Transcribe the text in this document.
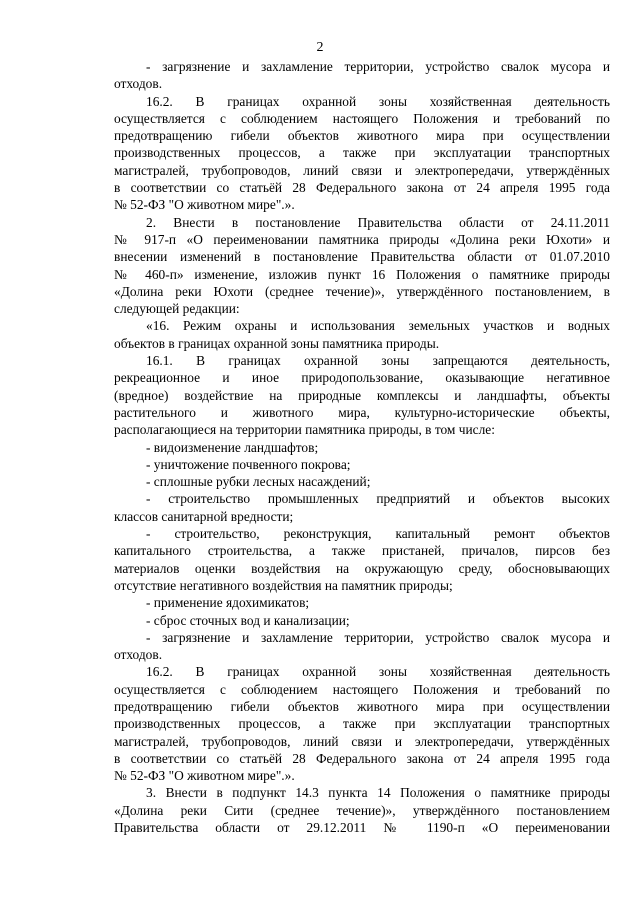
2
- загрязнение и захламление территории, устройство свалок мусора и
отходов.
16.2. В границах охранной зоны хозяйственная деятельность
осуществляется с соблюдением настоящего Положения и требований по
предотвращению гибели объектов животного мира при осуществлении
производственных процессов, а также при эксплуатации транспортных
магистралей, трубопроводов, линий связи и электропередачи, утверждённых
в соответствии со статьёй 28 Федерального закона от 24 апреля 1995 года
№ 52-ФЗ "О животном мире".».
2. Внести в постановление Правительства области от 24.11.2011
№ 917-п «О переименовании памятника природы «Долина реки Юхоти» и
внесении изменений в постановление Правительства области от 01.07.2010
№ 460-п» изменение, изложив пункт 16 Положения о памятнике природы
«Долина реки Юхоти (среднее течение)», утверждённого постановлением, в
следующей редакции:
«16. Режим охраны и использования земельных участков и водных
объектов в границах охранной зоны памятника природы.
16.1. В границах охранной зоны запрещаются деятельность,
рекреационное и иное природопользование, оказывающие негативное
(вредное) воздействие на природные комплексы и ландшафты, объекты
растительного и животного мира, культурно-исторические объекты,
располагающиеся на территории памятника природы, в том числе:
- видоизменение ландшафтов;
- уничтожение почвенного покрова;
- сплошные рубки лесных насаждений;
- строительство промышленных предприятий и объектов высоких
классов санитарной вредности;
- строительство, реконструкция, капитальный ремонт объектов
капитального строительства, а также пристаней, причалов, пирсов без
материалов оценки воздействия на окружающую среду, обосновывающих
отсутствие негативного воздействия на памятник природы;
- применение ядохимикатов;
- сброс сточных вод и канализации;
- загрязнение и захламление территории, устройство свалок мусора и
отходов.
16.2. В границах охранной зоны хозяйственная деятельность
осуществляется с соблюдением настоящего Положения и требований по
предотвращению гибели объектов животного мира при осуществлении
производственных процессов, а также при эксплуатации транспортных
магистралей, трубопроводов, линий связи и электропередачи, утверждённых
в соответствии со статьёй 28 Федерального закона от 24 апреля 1995 года
№ 52-ФЗ "О животном мире".».
3. Внести в подпункт 14.3 пункта 14 Положения о памятнике природы
«Долина реки Сити (среднее течение)», утверждённого постановлением
Правительства области от 29.12.2011 № 1190-п «О переименовании
